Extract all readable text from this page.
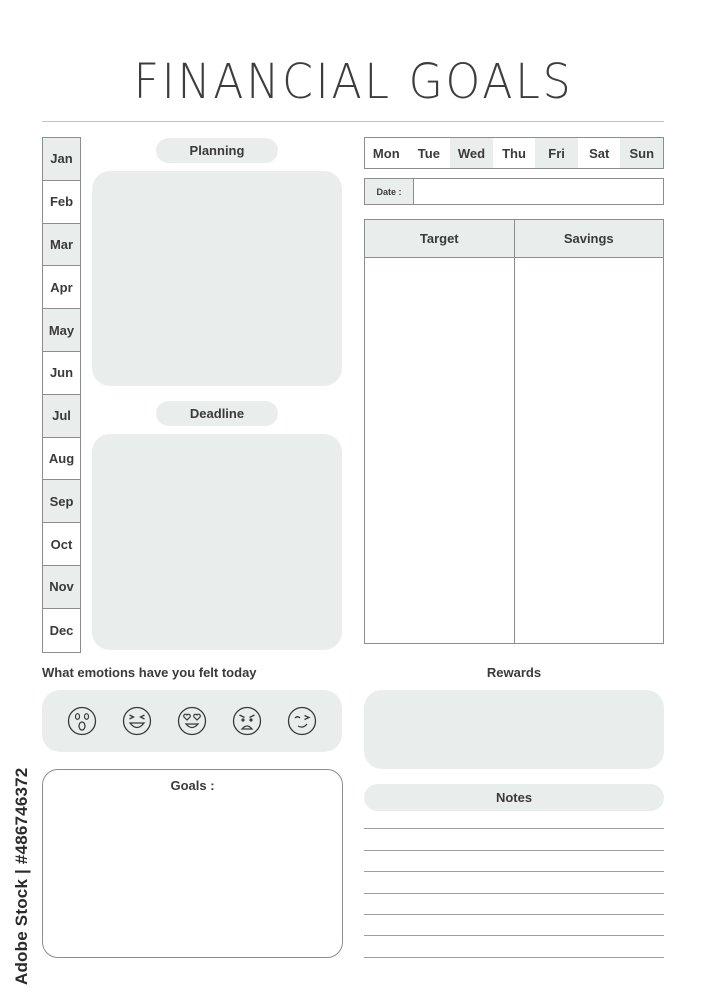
FINANCIAL GOALS
Jan
Feb
Mar
Apr
May
Jun
Jul
Aug
Sep
Oct
Nov
Dec
Planning
Deadline
Mon	Tue	Wed	Thu	Fri	Sat	Sun
Date :
Target	Savings
What emotions have you felt today	Rewards
Goals :
Notes
Adobe Stock | #486746372
